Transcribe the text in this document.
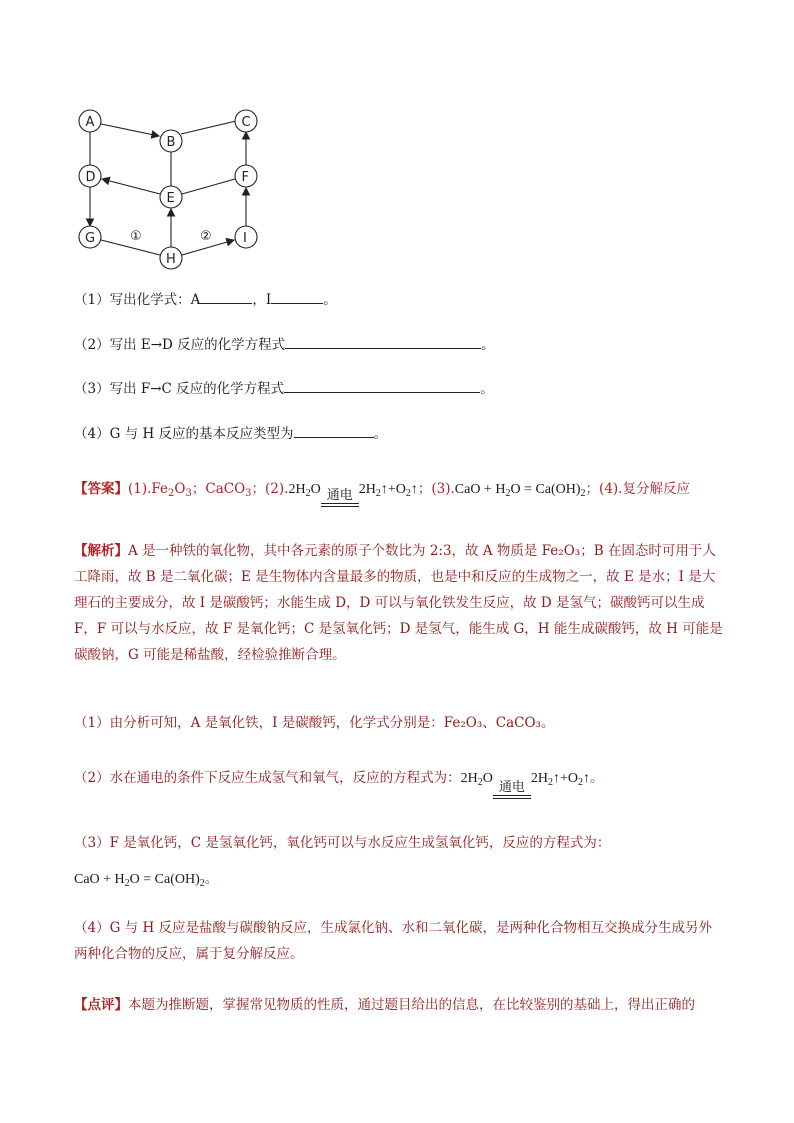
①	②
A
B
C
D
E
F
G
H
I
（1）写出化学式：A	，I	。
（2）写出 E→D 反应的化学方程式	。
（3）写出 F→C 反应的化学方程式	。
（4）G 与 H 反应的基本反应类型为	。
【答案】$(1).Fe_2O_3$；CaCO$_3$；$(2).2H_2O$ 通电 $2H_2↑+O_2↑$；$(3).CaO + H_2O = Ca(OH)_2$；(4).复分解反应
【解析】A 是一种铁的氧化物，其中各元素的原子个数比为 2:3，故 A 物质是 Fe₂O₃；B 在固态时可用于人工降雨，故 B 是二氧化碳；E 是生物体内含量最多的物质，也是中和反应的生成物之一，故 E 是水；I 是大理石的主要成分，故 I 是碳酸钙；水能生成 D，D 可以与氧化铁发生反应，故 D 是氢气；碳酸钙可以生成 F，F 可以与水反应，故 F 是氧化钙；C 是氢氧化钙；D 是氢气，能生成 G，H 能生成碳酸钙，故 H 可能是碳酸钠，G 可能是稀盐酸，经检验推断合理。
（1）由分析可知，A 是氧化铁，I 是碳酸钙，化学式分别是：Fe₂O₃、CaCO₃。
（2）水在通电的条件下反应生成氢气和氧气，反应的方程式为：$2H_2O$
通电
$2H_2↑+O_2↑$。
（3）F 是氧化钙，C 是氢氧化钙，氧化钙可以与水反应生成氢氧化钙，反应的方程式为：
CaO + $H_2O = Ca(OH)_2$。
（4）G 与 H 反应是盐酸与碳酸钠反应，生成氯化钠、水和二氧化碳，是两种化合物相互交换成分生成另外两种化合物的反应，属于复分解反应。
【点评】本题为推断题，掌握常见物质的性质，通过题目给出的信息，在比较鉴别的基础上，得出正确的
